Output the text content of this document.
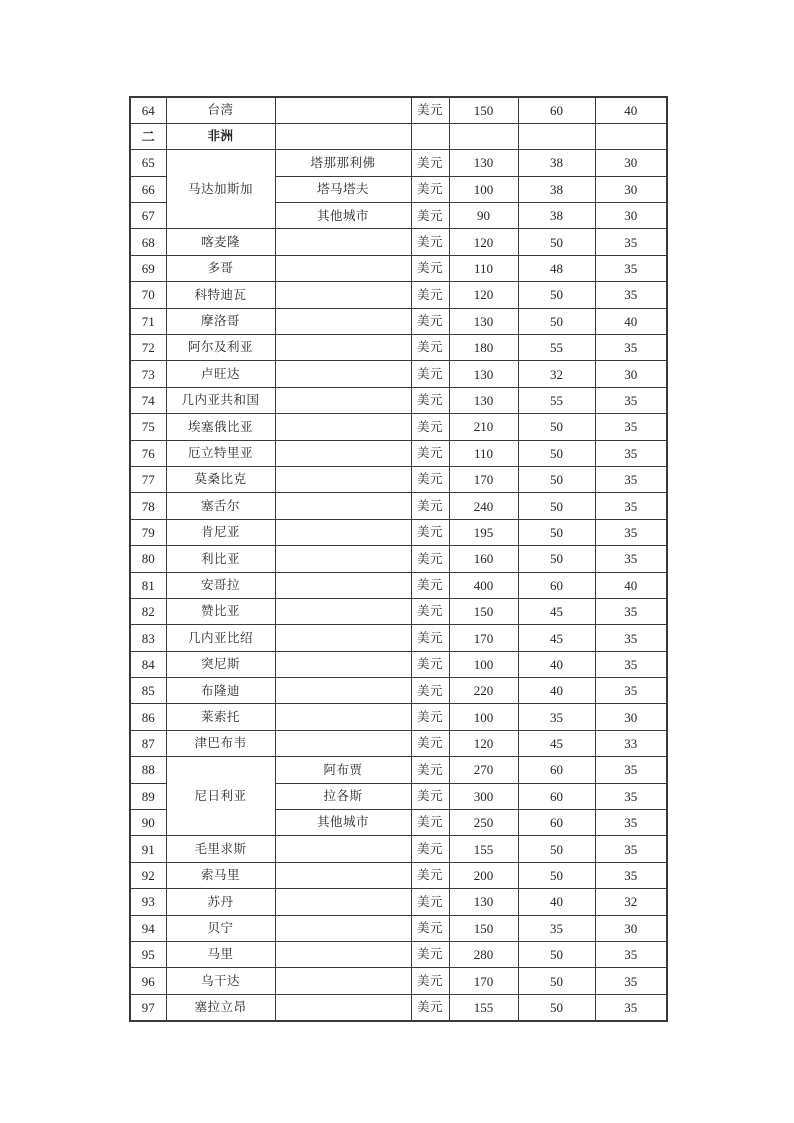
64	台湾		美元	150	60	40
二	非洲					
65	马达加斯加	塔那那利佛	美元	130	38	30
66		塔马塔夫	美元	100	38	30
67		其他城市	美元	90	38	30
68	喀麦隆		美元	120	50	35
69	多哥		美元	110	48	35
70	科特迪瓦		美元	120	50	35
71	摩洛哥		美元	130	50	40
72	阿尔及利亚		美元	180	55	35
73	卢旺达		美元	130	32	30
74	几内亚共和国		美元	130	55	35
75	埃塞俄比亚		美元	210	50	35
76	厄立特里亚		美元	110	50	35
77	莫桑比克		美元	170	50	35
78	塞舌尔		美元	240	50	35
79	肯尼亚		美元	195	50	35
80	利比亚		美元	160	50	35
81	安哥拉		美元	400	60	40
82	赞比亚		美元	150	45	35
83	几内亚比绍		美元	170	45	35
84	突尼斯		美元	100	40	35
85	布隆迪		美元	220	40	35
86	莱索托		美元	100	35	30
87	津巴布韦		美元	120	45	33
88	尼日利亚	阿布贾	美元	270	60	35
89		拉各斯	美元	300	60	35
90		其他城市	美元	250	60	35
91	毛里求斯		美元	155	50	35
92	索马里		美元	200	50	35
93	苏丹		美元	130	40	32
94	贝宁		美元	150	35	30
95	马里		美元	280	50	35
96	乌干达		美元	170	50	35
97	塞拉立昂		美元	155	50	35
